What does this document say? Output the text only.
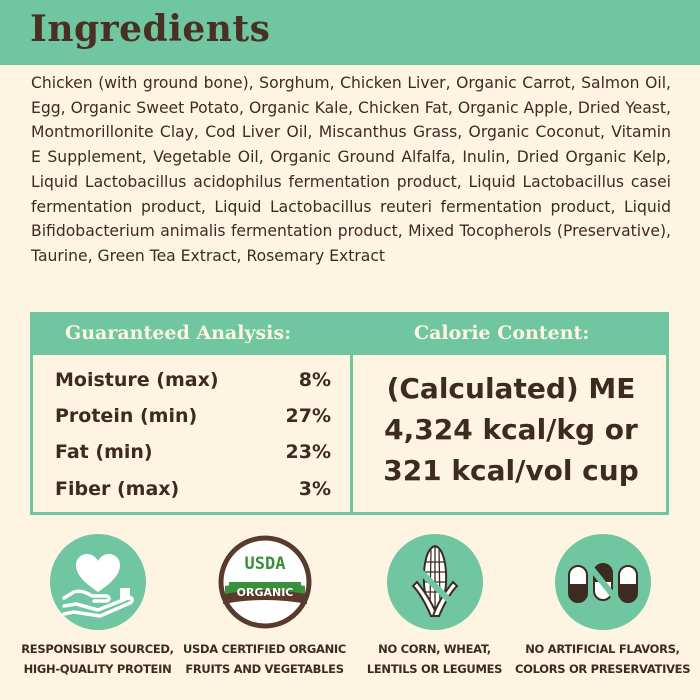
Ingredients

Chicken (with ground bone), Sorghum, Chicken Liver, Organic Carrot, Salmon Oil, Egg, Organic Sweet Potato, Organic Kale, Chicken Fat, Organic Apple, Dried Yeast, Montmorillonite Clay, Cod Liver Oil, Miscanthus Grass, Organic Coconut, Vitamin E Supplement, Vegetable Oil, Organic Ground Alfalfa, Inulin, Dried Organic Kelp, Liquid Lactobacillus acidophilus fermentation product, Liquid Lactobacillus casei fermentation product, Liquid Lactobacillus reuteri fermentation product, Liquid Bifidobacterium animalis fermentation product, Mixed Tocopherols (Preservative), Taurine, Green Tea Extract, Rosemary Extract

Guaranteed Analysis:	Calorie Content:
Moisture (max)	8%
Protein (min)	27%
Fat (min)	23%
Fiber (max)	3%
(Calculated) ME
4,324 kcal/kg or
321 kcal/vol cup
RESPONSIBLY SOURCED,
HIGH-QUALITY PROTEIN
USDA
ORGANIC
USDA CERTIFIED ORGANIC
FRUITS AND VEGETABLES
NO CORN, WHEAT,
LENTILS OR LEGUMES
NO ARTIFICIAL FLAVORS,
COLORS OR PRESERVATIVES
